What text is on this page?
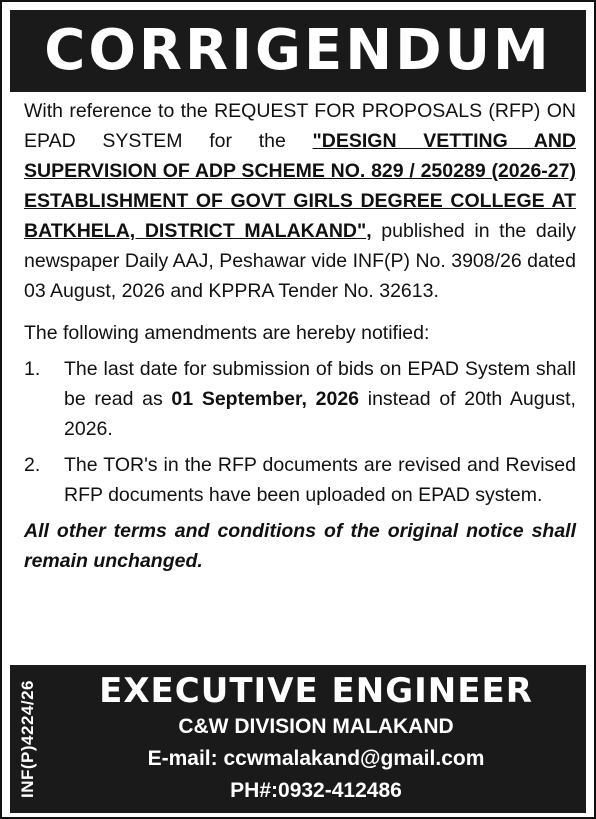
CORRIGENDUM

With reference to the REQUEST FOR PROPOSALS (RFP) ON EPAD SYSTEM for the "DESIGN VETTING AND SUPERVISION OF ADP SCHEME NO. 829 / 250289 (2026-27) ESTABLISHMENT OF GOVT GIRLS DEGREE COLLEGE AT BATKHELA, DISTRICT MALAKAND", published in the daily newspaper Daily AAJ, Peshawar vide INF(P) No. 3908/26 dated 03 August, 2026 and KPPRA Tender No. 32613.

The following amendments are hereby notified:

1.	The last date for submission of bids on EPAD System shall be read as 01 September, 2026 instead of 20th August, 2026.
2.	The TOR's in the RFP documents are revised and Revised RFP documents have been uploaded on EPAD system.

All other terms and conditions of the original notice shall remain unchanged.

INF(P)4224/26	EXECUTIVE ENGINEER
C&W DIVISION MALAKAND
E-mail: ccwmalakand@gmail.com
PH#:0932-412486
